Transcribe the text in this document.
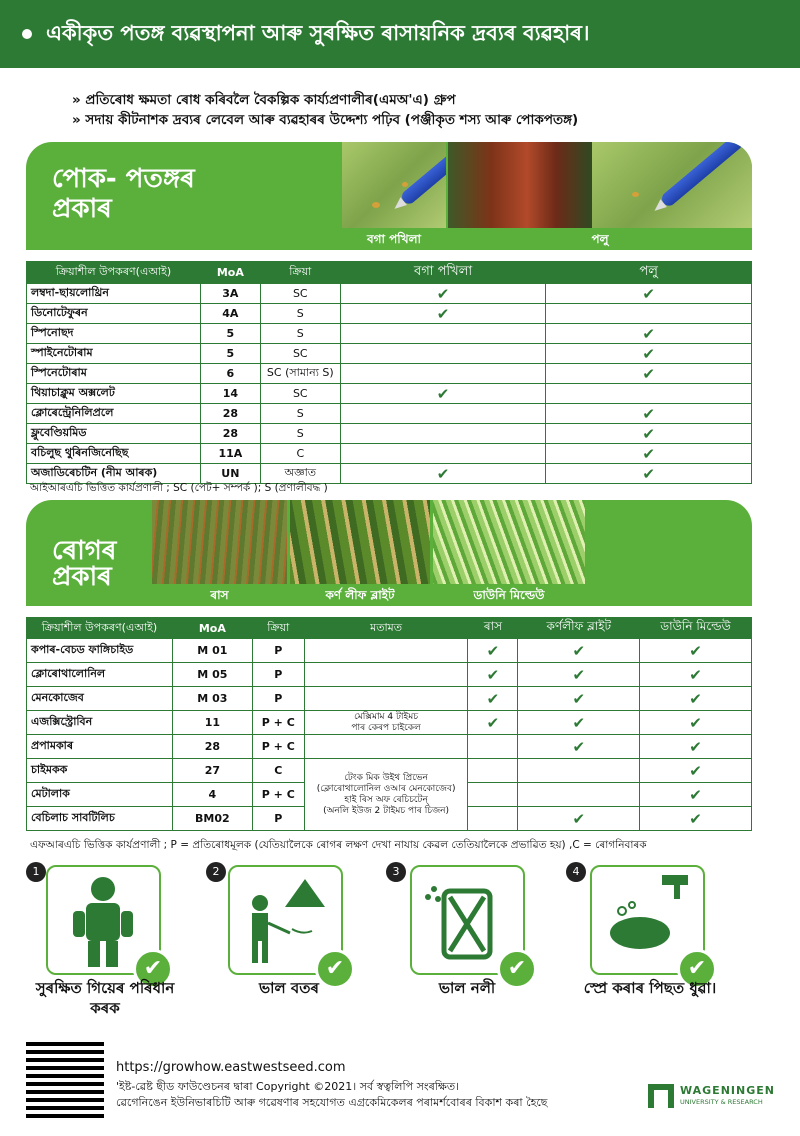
একীকৃত পতঙ্গ ব্যৱস্থাপনা আৰু সুৰক্ষিত ৰাসায়নিক দ্ৰব্যৰ ব্যৱহাৰ।
» প্ৰতিৰোধ ক্ষমতা ৰোধ কৰিবলৈ বৈকল্পিক কাৰ্য্যপ্ৰণালীৰ(এমঅ'এ) গ্ৰুপ
» সদায় কীটনাশক দ্ৰব্যৰ লেবেল আৰু ব্যৱহাৰৰ উদ্দেশ্য পঢ়িব (পঞ্জীকৃত শস্য আৰু পোকপতঙ্গ)
পোক- পতঙ্গৰ
প্ৰকাৰ
বগা পখিলা	পলু
ক্ৰিয়াশীল উপকৰণ(এআই)	MoA	ক্ৰিয়া	বগা পখিলা	পলু
লম্বদা-ছায়লোথ্ৰিন	3A	SC	✔	✔
ডিনোটেফুৰন	4A	S	✔	
স্পিনোছদ	5	S		✔
স্পাইনেটোৰাম	5	SC		✔
স্পিনেটোৰাম	6	SC (সামান্য S)		✔
থিয়াচাক্লুম অক্সলেট	14	SC	✔	
ক্লোৰেন্ট্ৰেনিলিপ্ৰলে	28	S		✔
ফ্লুবেণ্ডিয়মিড	28	S		✔
বচিলুছ থুৰিনজিনেছিছ	11A	C		✔
অজাডিৰেচটিন (নীম আৰক)	UN	অজ্ঞাত	✔	✔
আইআৰএচি ভিত্তিত কাৰ্যপ্ৰণালী ; SC (পেট+ সম্পৰ্ক ); S (প্ৰণালীবদ্ধ )
ৰোগৰ
প্ৰকাৰ
ৰাস	কৰ্ণ লীফ ব্লাইট	ডাউনি মিল্ডেউ
ক্ৰিয়াশীল উপকৰণ(এআই)	MoA	ক্ৰিয়া	মতামত	ৰাস	কৰ্ণলীফ ব্লাইট	ডাউনি মিল্ডেউ
কপাৰ-বেচড ফাঙ্গিচাইড	M 01	P		✔	✔	✔
ক্লোৰোথালোনিল	M 05	P		✔	✔	✔
মেনকোজেব	M 03	P		✔	✔	✔
এজক্সিস্ট্ৰোবিন	11	P + C	মেক্সিমাম 4 টাইমচ
পাৰ কেৰপ চাইকেল	✔	✔	✔
প্ৰপামকাৰ	28	P + C			✔	✔
চাইমকক	27	C	টেংক মিক উইথ প্ৰিভেন
(ক্লোৰোথালোনিল ওআৰ মেনকোজেব)
হাই ৰিস অফ ৰেচিচটেন্‌
(অনলি ইউজ 2 টাইমচ পাৰ চিজন)			✔
মেটালাক	4	P + C				✔
বেচিলাচ সাবটিলিচ	BM02	P			✔	✔
এফআৰএচি ভিত্তিক কাৰ্যপ্ৰণালী ; P = প্ৰতিৰোধমূলক (যেতিয়ালৈকে ৰোগৰ লক্ষণ দেখা নাযায় কেৱল তেতিয়ালৈকে প্ৰভাৱিত হয়) ,C = ৰোগনিবাৰক
1
✔
সুৰক্ষিত গিয়েৰ পৰিধান কৰক
2
✔
ভাল বতৰ
3
✔
ভাল নলী
4
✔
স্প্ৰে কৰাৰ পিছত ধুৱা।
https://growhow.eastwestseed.com
'ইষ্ট-ৱেষ্ট ছীড ফাউণ্ডেচনৰ দ্বাৰা Copyright ©2021। সৰ্ব স্বত্বলিপি সংৰক্ষিত।
ৱেগেনিঙেন ইউনিভাৰচিটি আৰু গৱেষণাৰ সহযোগত এগ্ৰকেমিকেলৰ পৰামৰ্শবোৰৰ বিকাশ কৰা হৈছে
WAGENINGEN
UNIVERSITY & RESEARCH
